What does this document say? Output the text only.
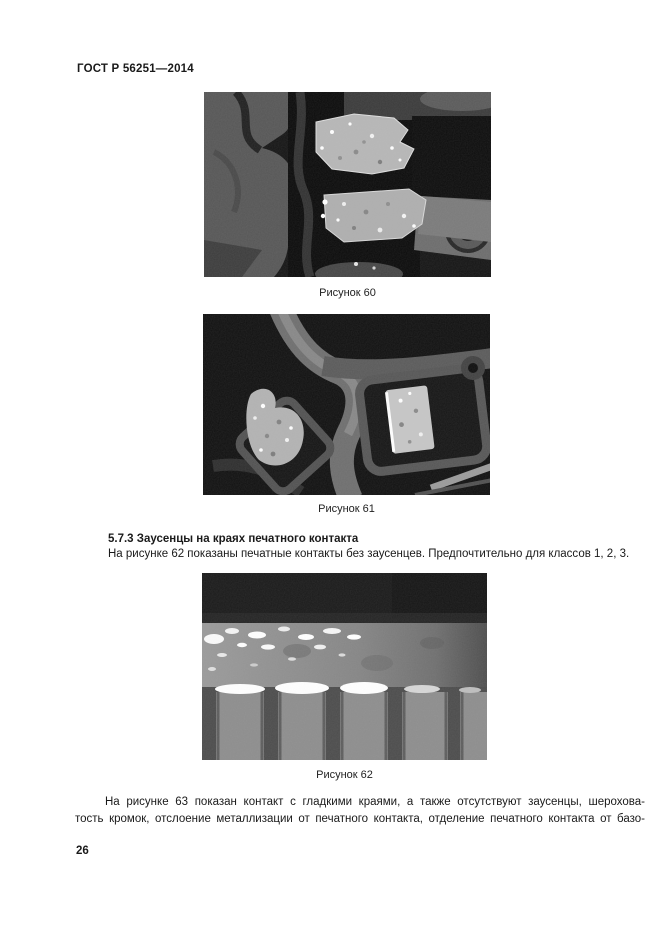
ГОСТ Р 56251—2014
Рисунок 60
Рисунок 61
5.7.3 Заусенцы на краях печатного контакта
На рисунке 62 показаны печатные контакты без заусенцев. Предпочтительно для классов 1, 2, 3.
Рисунок 62
На рисунке 63 показан контакт с гладкими краями, а также отсутствуют заусенцы, шерохова-
тость кромок, отслоение металлизации от печатного контакта, отделение печатного контакта от базо-
26
